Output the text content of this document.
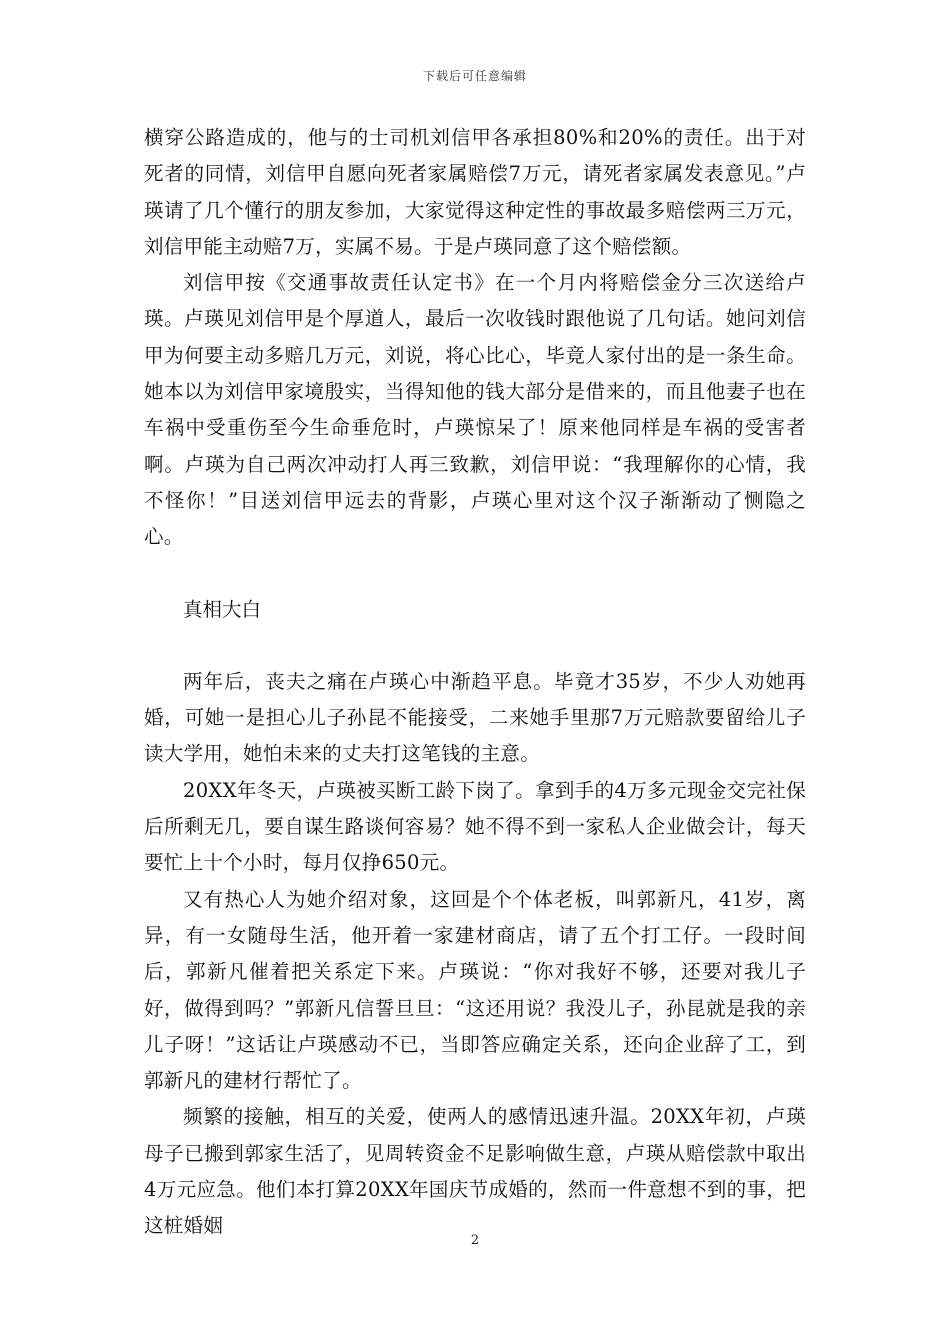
下载后可任意编辑

横穿公路造成的，他与的士司机刘信甲各承担80%和20%的责任。出于对死者的同情，刘信甲自愿向死者家属赔偿7万元，请死者家属发表意见。”卢瑛请了几个懂行的朋友参加，大家觉得这种定性的事故最多赔偿两三万元，刘信甲能主动赔7万，实属不易。于是卢瑛同意了这个赔偿额。

刘信甲按《交通事故责任认定书》在一个月内将赔偿金分三次送给卢瑛。卢瑛见刘信甲是个厚道人，最后一次收钱时跟他说了几句话。她问刘信甲为何要主动多赔几万元，刘说，将心比心，毕竟人家付出的是一条生命。她本以为刘信甲家境殷实，当得知他的钱大部分是借来的，而且他妻子也在车祸中受重伤至今生命垂危时，卢瑛惊呆了！原来他同样是车祸的受害者啊。卢瑛为自己两次冲动打人再三致歉，刘信甲说：“我理解你的心情，我不怪你！”目送刘信甲远去的背影，卢瑛心里对这个汉子渐渐动了恻隐之心。

真相大白

两年后，丧夫之痛在卢瑛心中渐趋平息。毕竟才35岁，不少人劝她再婚，可她一是担心儿子孙昆不能接受，二来她手里那7万元赔款要留给儿子读大学用，她怕未来的丈夫打这笔钱的主意。

20XX年冬天，卢瑛被买断工龄下岗了。拿到手的4万多元现金交完社保后所剩无几，要自谋生路谈何容易？她不得不到一家私人企业做会计，每天要忙上十个小时，每月仅挣650元。

又有热心人为她介绍对象，这回是个个体老板，叫郭新凡，41岁，离异，有一女随母生活，他开着一家建材商店，请了五个打工仔。一段时间后，郭新凡催着把关系定下来。卢瑛说：“你对我好不够，还要对我儿子好，做得到吗？”郭新凡信誓旦旦：“这还用说？我没儿子，孙昆就是我的亲儿子呀！”这话让卢瑛感动不已，当即答应确定关系，还向企业辞了工，到郭新凡的建材行帮忙了。

频繁的接触，相互的关爱，使两人的感情迅速升温。20XX年初，卢瑛母子已搬到郭家生活了，见周转资金不足影响做生意，卢瑛从赔偿款中取出4万元应急。他们本打算20XX年国庆节成婚的，然而一件意想不到的事，把这桩婚姻

2
